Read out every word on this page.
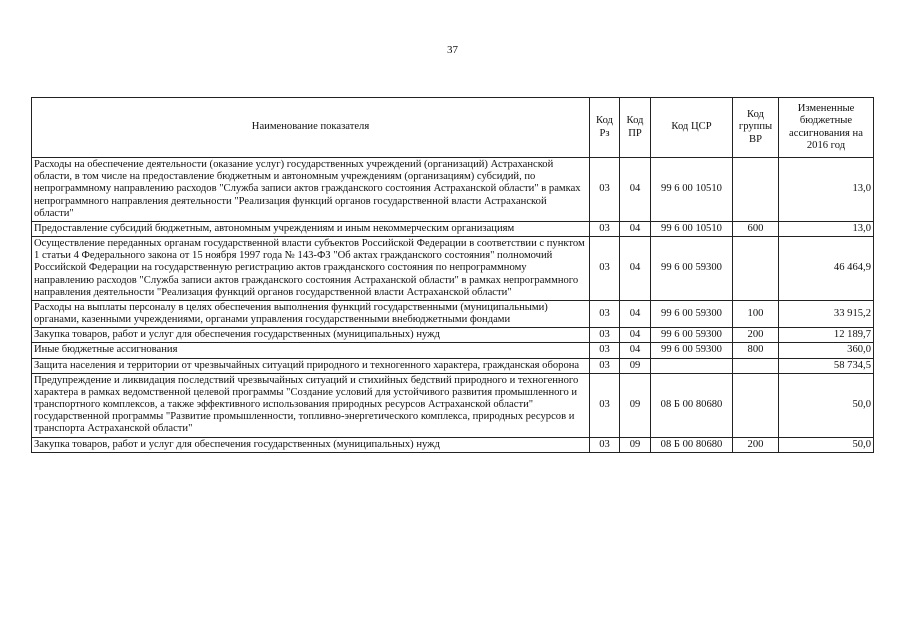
37
Наименование показателя	Код Рз	Код ПР	Код ЦСР	Код группы ВР	Измененные бюджетные ассигнования на 2016 год
Расходы на обеспечение деятельности (оказание услуг) государственных учреждений (организаций) Астраханской области, в том числе на предоставление бюджетным и автономным учреждениям (организациям) субсидий, по непрограммному направлению расходов "Служба записи актов гражданского состояния Астраханской области" в рамках непрограммного направления деятельности "Реализация функций органов государственной власти Астраханской области"	03	04	99 6 00 10510		13,0
Предоставление субсидий бюджетным, автономным учреждениям и иным некоммерческим организациям	03	04	99 6 00 10510	600	13,0
Осуществление переданных органам государственной власти субъектов Российской Федерации в соответствии с пунктом 1 статьи 4 Федерального закона от 15 ноября 1997 года № 143-ФЗ "Об актах гражданского состояния" полномочий Российской Федерации на государственную регистрацию актов гражданского состояния по непрограммному направлению расходов "Служба записи актов гражданского состояния Астраханской области" в рамках непрограммного направления деятельности "Реализация функций органов государственной власти Астраханской области"	03	04	99 6 00 59300		46 464,9
Расходы на выплаты персоналу в целях обеспечения выполнения функций государственными (муниципальными) органами, казенными учреждениями, органами управления государственными внебюджетными фондами	03	04	99 6 00 59300	100	33 915,2
Закупка товаров, работ и услуг для обеспечения государственных (муниципальных) нужд	03	04	99 6 00 59300	200	12 189,7
Иные бюджетные ассигнования	03	04	99 6 00 59300	800	360,0
Защита населения и территории от чрезвычайных ситуаций природного и техногенного характера, гражданская оборона	03	09			58 734,5
Предупреждение и ликвидация последствий чрезвычайных ситуаций и стихийных бедствий природного и техногенного характера в рамках ведомственной целевой программы "Создание условий для устойчивого развития промышленного и транспортного комплексов, а также эффективного использования природных ресурсов Астраханской области" государственной программы "Развитие промышленности, топливно-энергетического комплекса, природных ресурсов и транспорта Астраханской области"	03	09	08 Б 00 80680		50,0
Закупка товаров, работ и услуг для обеспечения государственных (муниципальных) нужд	03	09	08 Б 00 80680	200	50,0
